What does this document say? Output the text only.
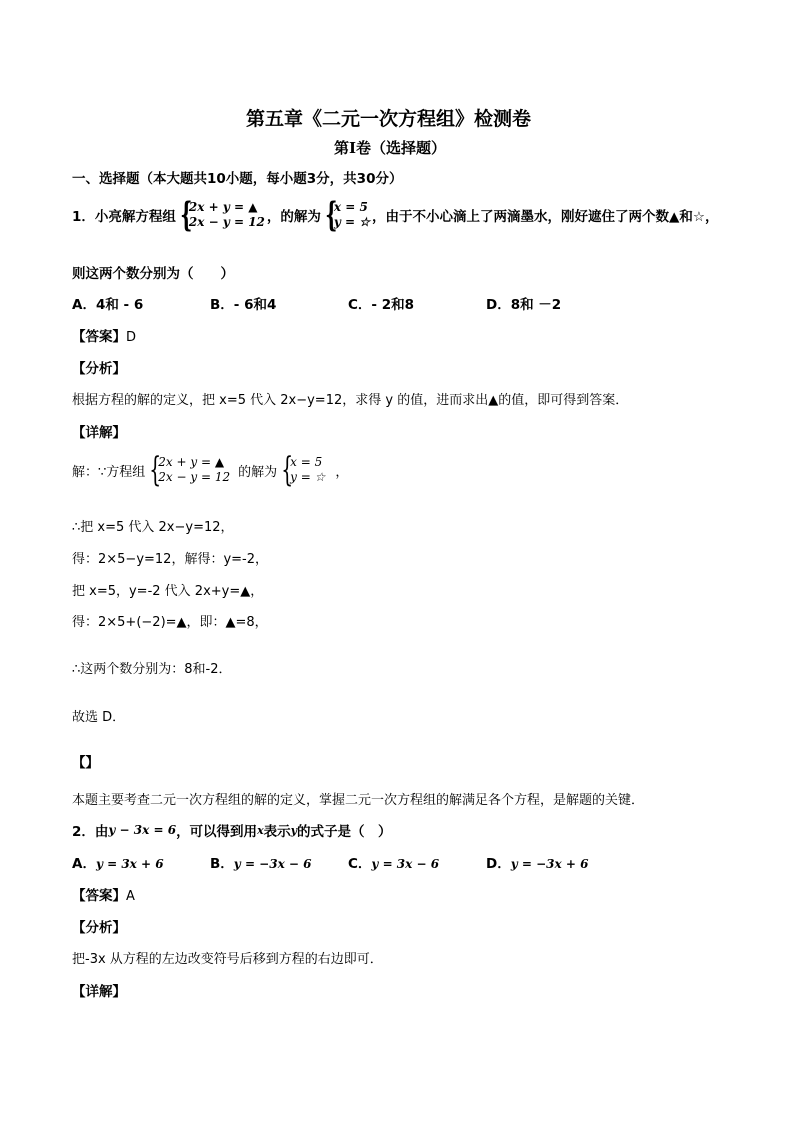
第五章《二元一次方程组》检测卷
第Ⅰ卷（选择题）
一、选择题（本大题共10小题，每小题3分，共30分）
1．小亮解方程组 {
2x + y = ▲
2x − y = 12 ，的解为 {
x = 5
y = ☆ ，由于不小心滴上了两滴墨水，刚好遮住了两个数▲和☆，
则这两个数分别为（　　）
A．4和 - 6	B．- 6和4	C．- 2和8	D．8和 －2
【答案】D
【分析】
根据方程的解的定义，把 x=5 代入 2x−y=12，求得 y 的值，进而求出▲的值，即可得到答案．
【详解】
解：∵方程组 {
2x + y = ▲
2x − y = 12 的解为 {
x = 5
y = ☆ ，
∴把 x=5 代入 2x−y=12，
得：2×5−y=12，解得：y=-2，
把 x=5，y=-2 代入 2x+y=▲，
得：2×5+(−2)=▲，即：▲=8，
∴这两个数分别为：8和-2．
故选 D．
【】
本题主要考查二元一次方程组的解的定义，掌握二元一次方程组的解满足各个方程，是解题的关键．
2．由 y − 3x = 6 ，可以得到用 x 表示 y 的式子是（　）
A．y = 3x + 6	B．y = −3x − 6	C．y = 3x − 6	D．y = −3x + 6
【答案】A
【分析】
把-3x 从方程的左边改变符号后移到方程的右边即可．
【详解】
